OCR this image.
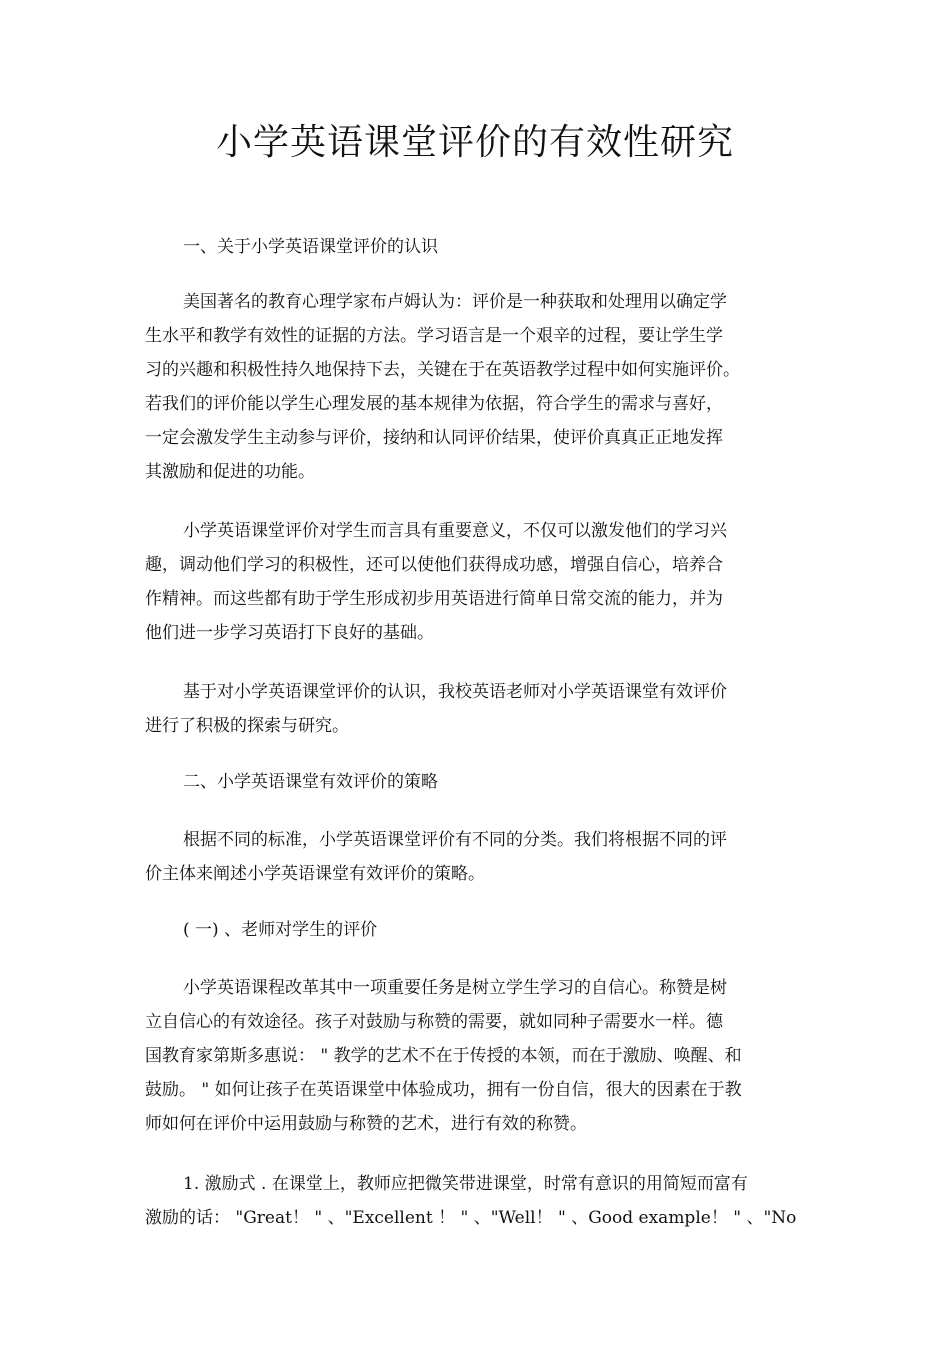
小学英语课堂评价的有效性研究

一、关于小学英语课堂评价的认识

美国著名的教育心理学家布卢姆认为：评价是一种获取和处理用以确定学
生水平和教学有效性的证据的方法。学习语言是一个艰辛的过程，要让学生学
习的兴趣和积极性持久地保持下去，关键在于在英语教学过程中如何实施评价。
若我们的评价能以学生心理发展的基本规律为依据，符合学生的需求与喜好，
一定会激发学生主动参与评价，接纳和认同评价结果，使评价真真正正地发挥
其激励和促进的功能。

小学英语课堂评价对学生而言具有重要意义，不仅可以激发他们的学习兴
趣，调动他们学习的积极性，还可以使他们获得成功感，增强自信心，培养合
作精神。而这些都有助于学生形成初步用英语进行简单日常交流的能力，并为
他们进一步学习英语打下良好的基础。

基于对小学英语课堂评价的认识，我校英语老师对小学英语课堂有效评价
进行了积极的探索与研究。

二、小学英语课堂有效评价的策略

根据不同的标准，小学英语课堂评价有不同的分类。我们将根据不同的评
价主体来阐述小学英语课堂有效评价的策略。

( 一) 、老师对学生的评价

小学英语课程改革其中一项重要任务是树立学生学习的自信心。称赞是树
立自信心的有效途径。孩子对鼓励与称赞的需要，就如同种子需要水一样。德
国教育家第斯多惠说： " 教学的艺术不在于传授的本领，而在于激励、唤醒、和
鼓励。 " 如何让孩子在英语课堂中体验成功，拥有一份自信，很大的因素在于教
师如何在评价中运用鼓励与称赞的艺术，进行有效的称赞。

1. 激励式 . 在课堂上，教师应把微笑带进课堂，时常有意识的用简短而富有
激励的话： "Great！ " 、"Excellent ！ " 、"Well！ " 、Good example！ " 、"No
